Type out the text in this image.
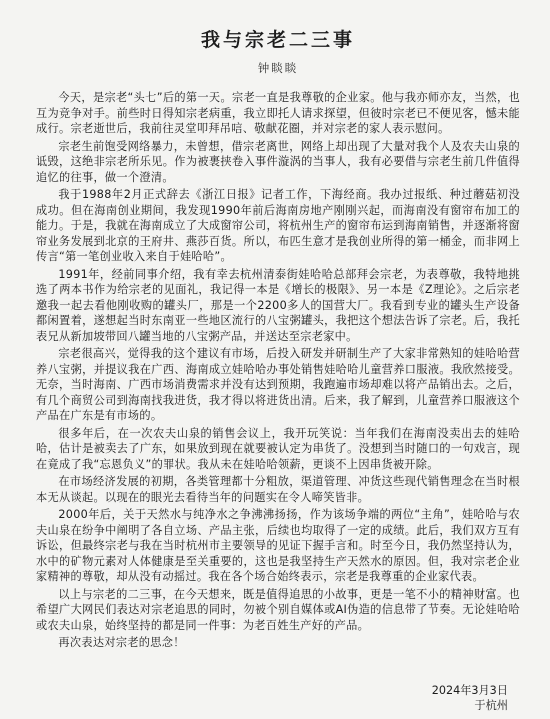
我与宗老二三事
钟睒睒

今天，是宗老“头七”后的第一天。宗老一直是我尊敬的企业家。他与我亦师亦友，当然，也互为竞争对手。前些时日得知宗老病重，我立即托人请求探望，但彼时宗老已不便见客，憾未能成行。宗老逝世后，我前往灵堂叩拜吊唁、敬献花圈，并对宗老的家人表示慰问。

宗老生前饱受网络暴力，未曾想，借宗老离世，网络上却出现了大量对我个人及农夫山泉的诋毁，这绝非宗老所乐见。作为被裹挟卷入事件漩涡的当事人，我有必要借与宗老生前几件值得追忆的往事，做一个澄清。

我于1988年2月正式辞去《浙江日报》记者工作，下海经商。我办过报纸、种过蘑菇初没成功。但在海南创业期间，我发现1990年前后海南房地产刚刚兴起，而海南没有窗帘布加工的能力。于是，我就在海南成立了大成窗帘公司，将杭州生产的窗帘布运到海南销售，并逐渐将窗帘业务发展到北京的王府井、燕莎百货。所以，布匹生意才是我创业所得的第一桶金，而非网上传言“第一笔创业收入来自于娃哈哈”。

1991年，经前同事介绍，我有幸去杭州清泰街娃哈哈总部拜会宗老，为表尊敬，我特地挑选了两本书作为给宗老的见面礼，我记得一本是《增长的极限》、另一本是《Z理论》。之后宗老邀我一起去看他刚收购的罐头厂，那是一个2200多人的国营大厂。我看到专业的罐头生产设备都闲置着，遂想起当时东南亚一些地区流行的八宝粥罐头，我把这个想法告诉了宗老。后，我托表兄从新加坡带回八罐当地的八宝粥产品，并送达至宗老家中。

宗老很高兴，觉得我的这个建议有市场，后投入研发并研制生产了大家非常熟知的娃哈哈营养八宝粥，并提议我在广西、海南成立娃哈哈办事处销售娃哈哈儿童营养口服液。我欣然接受。无奈，当时海南、广西市场消费需求并没有达到预期，我跑遍市场却难以将产品销出去。之后，有几个商贸公司到海南找我进货，我才得以将进货出清。后来，我了解到，儿童营养口服液这个产品在广东是有市场的。

很多年后，在一次农夫山泉的销售会议上，我开玩笑说：当年我们在海南没卖出去的娃哈哈，估计是被卖去了广东，如果放到现在就要被认定为串货了。没想到当时随口的一句戏言，现在竟成了我“忘恩负义”的罪状。我从未在娃哈哈领薪，更谈不上因串货被开除。

在市场经济发展的初期，各类管理都十分粗放，渠道管理、冲货这些现代销售理念在当时根本无从谈起。以现在的眼光去看待当年的问题实在令人啼笑皆非。

2000年后，关于天然水与纯净水之争沸沸扬扬，作为该场争端的两位“主角”，娃哈哈与农夫山泉在纷争中阐明了各自立场、产品主张，后续也均取得了一定的成绩。此后，我们双方互有诉讼，但最终宗老与我在当时杭州市主要领导的见证下握手言和。时至今日，我仍然坚持认为，水中的矿物元素对人体健康是至关重要的，这也是我坚持生产天然水的原因。但，我对宗老企业家精神的尊敬，却从没有动摇过。我在各个场合始终表示，宗老是我尊重的企业家代表。

以上与宗老的二三事，在今天想来，既是值得追思的小故事，更是一笔不小的精神财富。也希望广大网民们表达对宗老追思的同时，勿被个别自媒体或AI伪造的信息带了节奏。无论娃哈哈或农夫山泉，始终坚持的都是同一件事：为老百姓生产好的产品。

再次表达对宗老的思念！

2024年3月3日
于杭州
